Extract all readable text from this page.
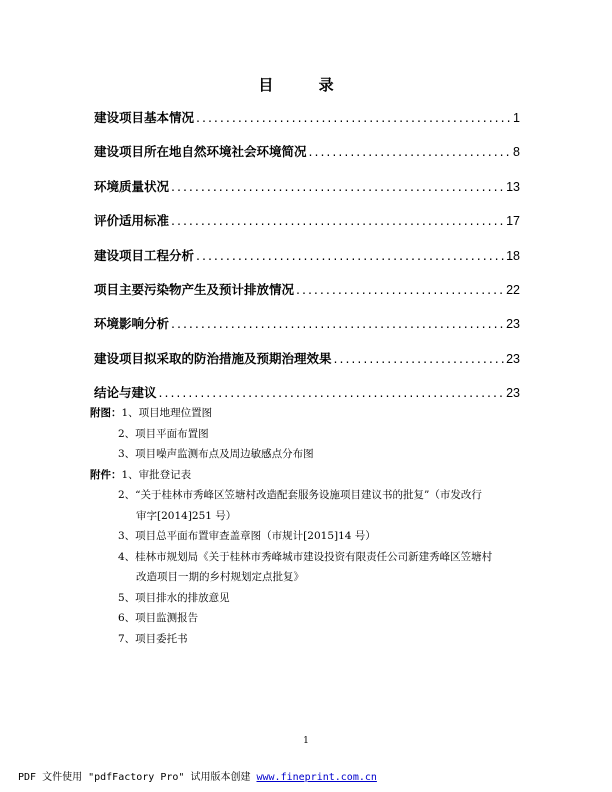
目 录
建设项目基本情况 .....	1
建设项目所在地自然环境社会环境简况 .....	8
环境质量状况 .....	13
评价适用标准 .....	17
建设项目工程分析 .....	18
项目主要污染物产生及预计排放情况 .....	22
环境影响分析 .....	23
建设项目拟采取的防治措施及预期治理效果 .....	23
结论与建议 .....	23
附图：1、项目地理位置图
2、项目平面布置图
3、项目噪声监测布点及周边敏感点分布图
附件：1、审批登记表
2、“关于桂林市秀峰区笠塘村改造配套服务设施项目建议书的批复”（市发改行
审字[2014]251 号）
3、项目总平面布置审查盖章图（市规计[2015]14 号）
4、桂林市规划局《关于桂林市秀峰城市建设投资有限责任公司新建秀峰区笠塘村
改造项目一期的乡村规划定点批复》
5、项目排水的排放意见
6、项目监测报告
7、项目委托书
1
PDF 文件使用 "pdfFactory Pro" 试用版本创建 www.fineprint.com.cn
